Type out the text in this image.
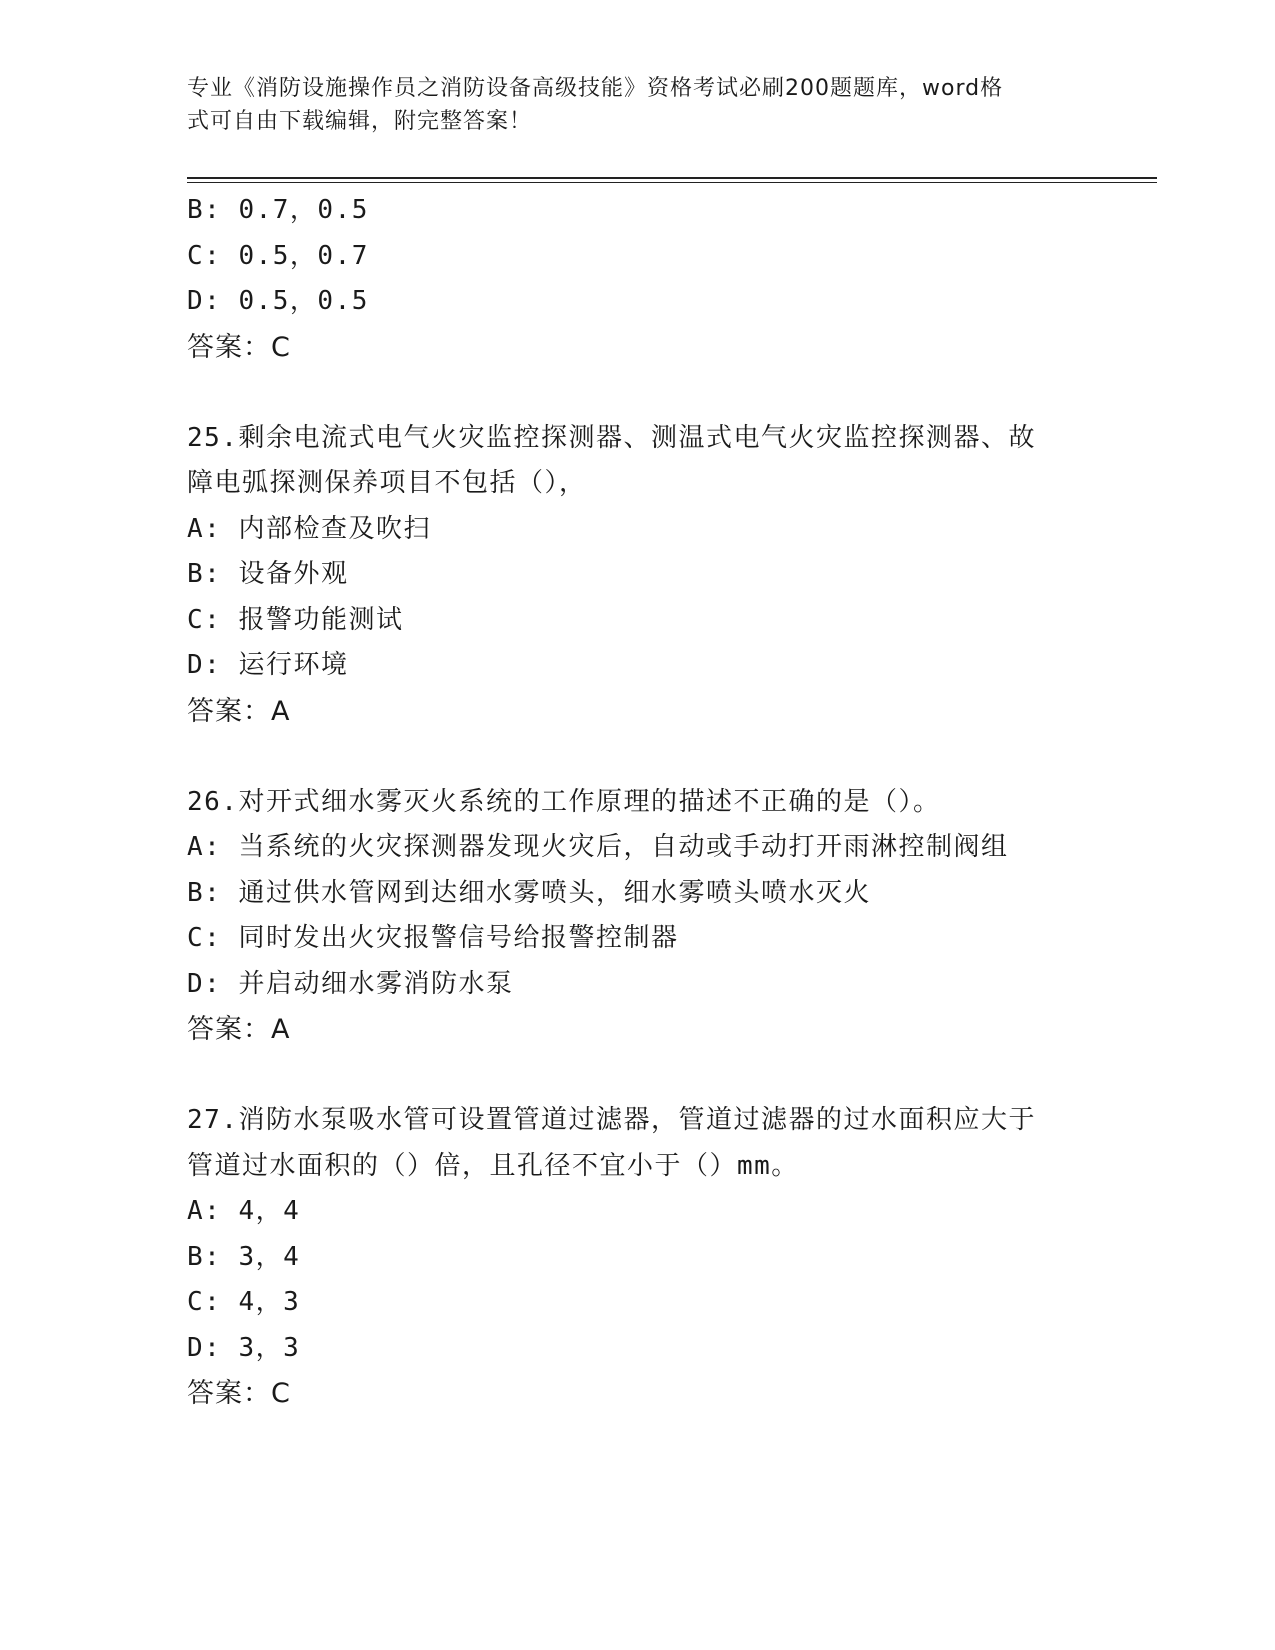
专业《消防设施操作员之消防设备高级技能》资格考试必刷200题题库，word格
式可自由下载编辑，附完整答案！
B: 0.7，0.5
C: 0.5，0.7
D: 0.5，0.5
答案：C
25.剩余电流式电气火灾监控探测器、测温式电气火灾监控探测器、故
障电弧探测保养项目不包括（），
A: 内部检查及吹扫
B: 设备外观
C: 报警功能测试
D: 运行环境
答案：A
26.对开式细水雾灭火系统的工作原理的描述不正确的是（）。
A: 当系统的火灾探测器发现火灾后，自动或手动打开雨淋控制阀组
B: 通过供水管网到达细水雾喷头，细水雾喷头喷水灭火
C: 同时发出火灾报警信号给报警控制器
D: 并启动细水雾消防水泵
答案：A
27.消防水泵吸水管可设置管道过滤器，管道过滤器的过水面积应大于
管道过水面积的（）倍，且孔径不宜小于（）mm。
A: 4，4
B: 3，4
C: 4，3
D: 3，3
答案：C
